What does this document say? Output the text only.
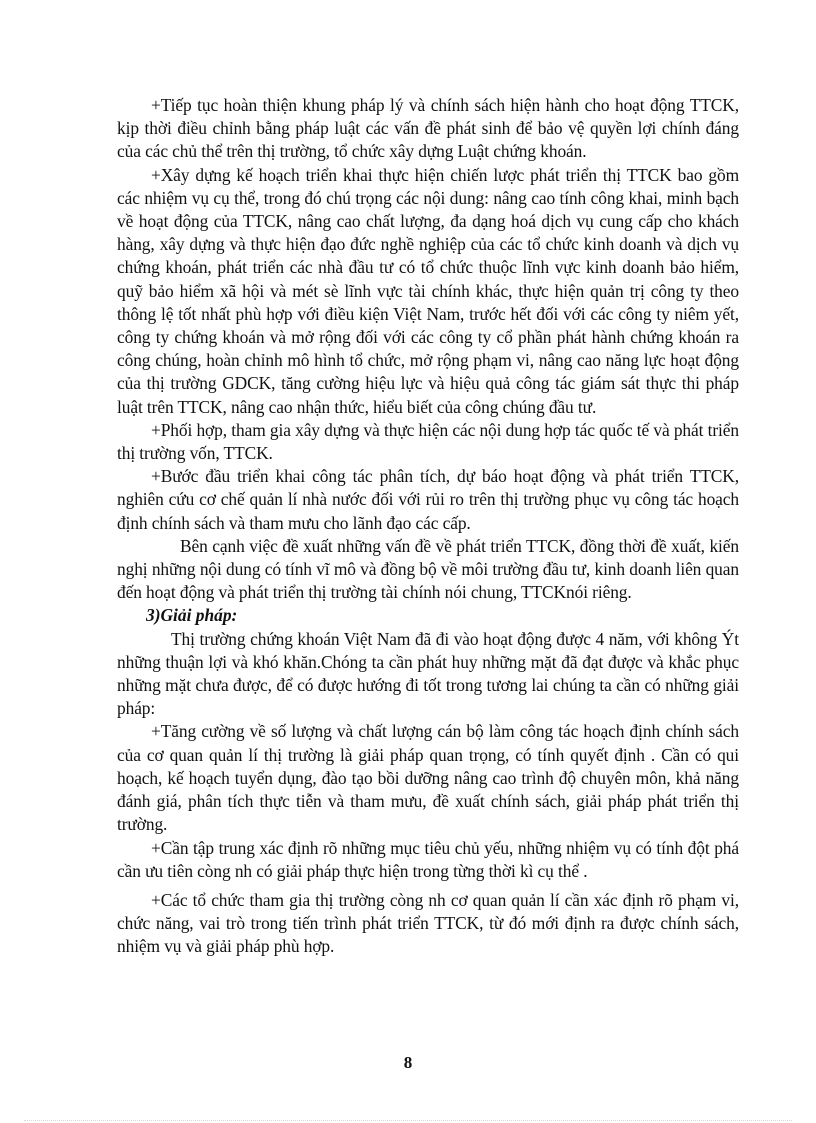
+Tiếp tục hoàn thiện khung pháp lý và chính sách hiện hành cho hoạt động TTCK, kịp thời điều chỉnh bằng pháp luật các vấn đề phát sinh để bảo vệ quyền lợi chính đáng của các chủ thể trên thị trường, tổ chức xây dựng Luật chứng khoán.

+Xây dựng kế hoạch triển khai thực hiện chiến lược phát triển thị TTCK bao gồm các nhiệm vụ cụ thể, trong đó chú trọng các nội dung: nâng cao tính công khai, minh bạch về hoạt động của TTCK, nâng cao chất lượng, đa dạng hoá dịch vụ cung cấp cho khách hàng, xây dựng và thực hiện đạo đức nghề nghiệp của các tổ chức kinh doanh và dịch vụ chứng khoán, phát triển các nhà đầu tư có tổ chức thuộc lĩnh vực kinh doanh bảo hiểm, quỹ bảo hiểm xã hội và mét sè lĩnh vực tài chính khác, thực hiện quản trị công ty theo thông lệ tốt nhất phù hợp với điều kiện Việt Nam, trước hết đối với các công ty niêm yết, công ty chứng khoán và mở rộng đối với các công ty cổ phần phát hành chứng khoán ra công chúng, hoàn chỉnh mô hình tổ chức, mở rộng phạm vi, nâng cao năng lực hoạt động của thị trường GDCK, tăng cường hiệu lực và hiệu quả công tác giám sát thực thi pháp luật trên TTCK, nâng cao nhận thức, hiểu biết của công chúng đầu tư.

+Phối hợp, tham gia xây dựng và thực hiện các nội dung hợp tác quốc tế và phát triển thị trường vốn, TTCK.

+Bước đầu triển khai công tác phân tích, dự báo hoạt động và phát triển TTCK, nghiên cứu cơ chế quản lí nhà nước đối với rủi ro trên thị trường phục vụ công tác hoạch định chính sách và tham mưu cho lãnh đạo các cấp.

Bên cạnh việc đề xuất những vấn đề về phát triển TTCK, đồng thời đề xuất, kiến nghị những nội dung có tính vĩ mô và đồng bộ về môi trường đầu tư, kinh doanh liên quan đến hoạt động và phát triển thị trường tài chính nói chung, TTCKnói riêng.

3)Giải pháp:

Thị trường chứng khoán Việt Nam đã đi vào hoạt động được 4 năm, với không Ýt những thuận lợi và khó khăn.Chóng ta cần phát huy những mặt đã đạt được và khắc phục những mặt chưa được, để có được hướng đi tốt trong tương lai chúng ta cần có những giải pháp:

+Tăng cường về số lượng và chất lượng cán bộ làm công tác hoạch định chính sách của cơ quan quản lí thị trường là giải pháp quan trọng, có tính quyết định . Cần có qui hoạch, kế hoạch tuyển dụng, đào tạo bồi dưỡng nâng cao trình độ chuyên môn, khả năng đánh giá, phân tích thực tiễn và tham mưu, đề xuất chính sách, giải pháp phát triển thị trường.

+Cần tập trung xác định rõ những mục tiêu chủ yếu, những nhiệm vụ có tính đột phá cần ưu tiên còng nh có giải pháp thực hiện trong từng thời kì cụ thể .

+Các tổ chức tham gia thị trường còng nh cơ quan quản lí cần xác định rõ phạm vi, chức năng, vai trò trong tiến trình phát triển TTCK, từ đó mới định ra được chính sách, nhiệm vụ và giải pháp phù hợp.

8
